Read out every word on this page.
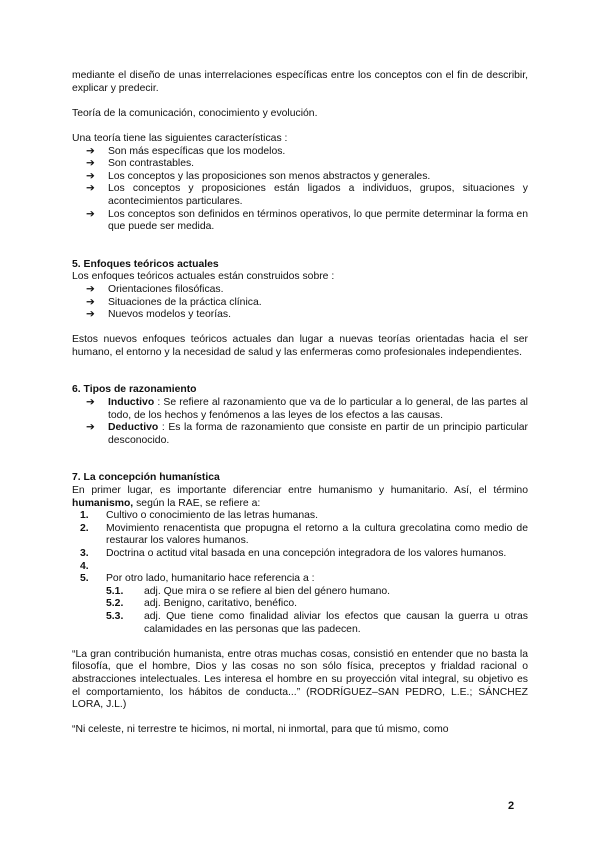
mediante el diseño de unas interrelaciones específicas entre los conceptos con el fin de describir, explicar y predecir.

Teoría de la comunicación, conocimiento y evolución.

Una teoría tiene las siguientes características :

➔	Son más específicas que los modelos.
➔	Son contrastables.
➔	Los conceptos y las proposiciones son menos abstractos y generales.
➔	Los conceptos y proposiciones están ligados a individuos, grupos, situaciones y acontecimientos particulares.
➔	Los conceptos son definidos en términos operativos, lo que permite determinar la forma en que puede ser medida.

5. Enfoques teóricos actuales

Los enfoques teóricos actuales están construidos sobre :

➔	Orientaciones filosóficas.
➔	Situaciones de la práctica clínica.
➔	Nuevos modelos y teorías.

Estos nuevos enfoques teóricos actuales dan lugar a nuevas teorías orientadas hacia el ser humano, el entorno y la necesidad de salud y las enfermeras como profesionales independientes.

6. Tipos de razonamiento

➔	Inductivo : Se refiere al razonamiento que va de lo particular a lo general, de las partes al todo, de los hechos y fenómenos a las leyes de los efectos a las causas.
➔	Deductivo : Es la forma de razonamiento que consiste en partir de un principio particular desconocido.

7. La concepción humanística

En primer lugar, es importante diferenciar entre humanismo y humanitario. Así, el término humanismo, según la RAE, se refiere a:

1. Cultivo o conocimiento de las letras humanas.
2. Movimiento renacentista que propugna el retorno a la cultura grecolatina como medio de restaurar los valores humanos.
3. Doctrina o actitud vital basada en una concepción integradora de los valores humanos.
4.

5. Por otro lado, humanitario hace referencia a :
5.1. adj. Que mira o se refiere al bien del género humano.
5.2. adj. Benigno, caritativo, benéfico.
5.3. adj. Que tiene como finalidad aliviar los efectos que causan la guerra u otras calamidades en las personas que las padecen.

“La gran contribución humanista, entre otras muchas cosas, consistió en entender que no basta la filosofía, que el hombre, Dios y las cosas no son sólo física, preceptos y frialdad racional o abstracciones intelectuales. Les interesa el hombre en su proyección vital integral, su objetivo es el comportamiento, los hábitos de conducta...” (RODRÍGUEZ–SAN PEDRO, L.E.; SÁNCHEZ LORA, J.L.)

“Ni celeste, ni terrestre te hicimos, ni mortal, ni inmortal, para que tú mismo, como

2
